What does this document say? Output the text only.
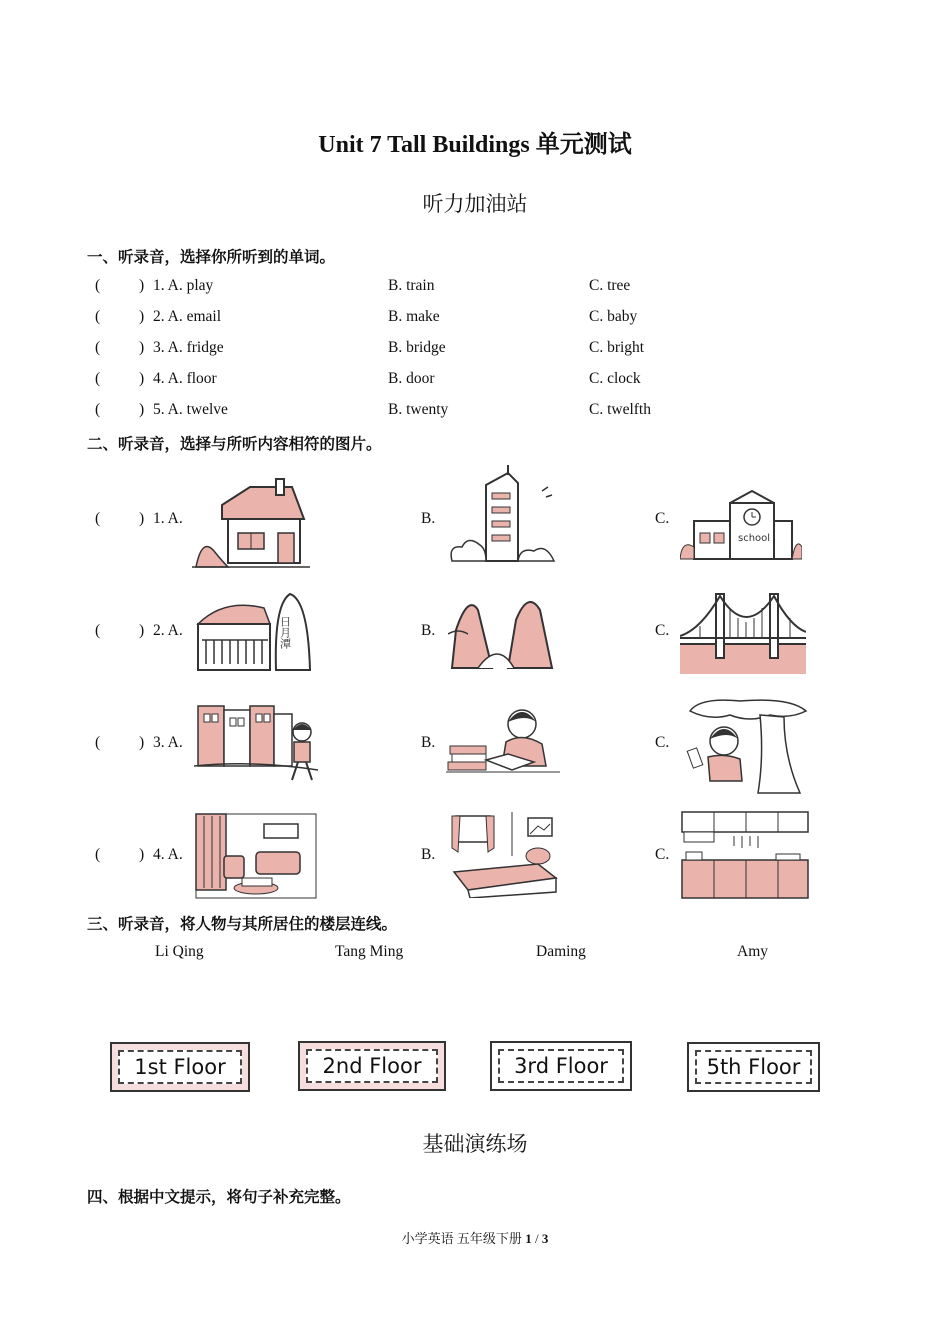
Unit 7 Tall Buildings 单元测试
听力加油站
一、听录音，选择你所听到的单词。
(	) 1. A. play	B. train	C. tree
(	) 2. A. email	B. make	C. baby
(	) 3. A. fridge	B. bridge	C. bright
(	) 4. A. floor	B. door	C. clock
(	) 5. A. twelve	B. twenty	C. twelfth
二、听录音，选择与所听内容相符的图片。
(	) 1. A.	B.	C.
school
(	) 2. A.	B.	C.
日月潭
(	) 3. A.	B.	C.
(	) 4. A.	B.	C.
三、听录音，将人物与其所居住的楼层连线。
Li Qing	Tang Ming	Daming	Amy
1st Floor	2nd Floor	3rd Floor	5th Floor
基础演练场
四、根据中文提示，将句子补充完整。
小学英语 五年级下册 1 / 3
